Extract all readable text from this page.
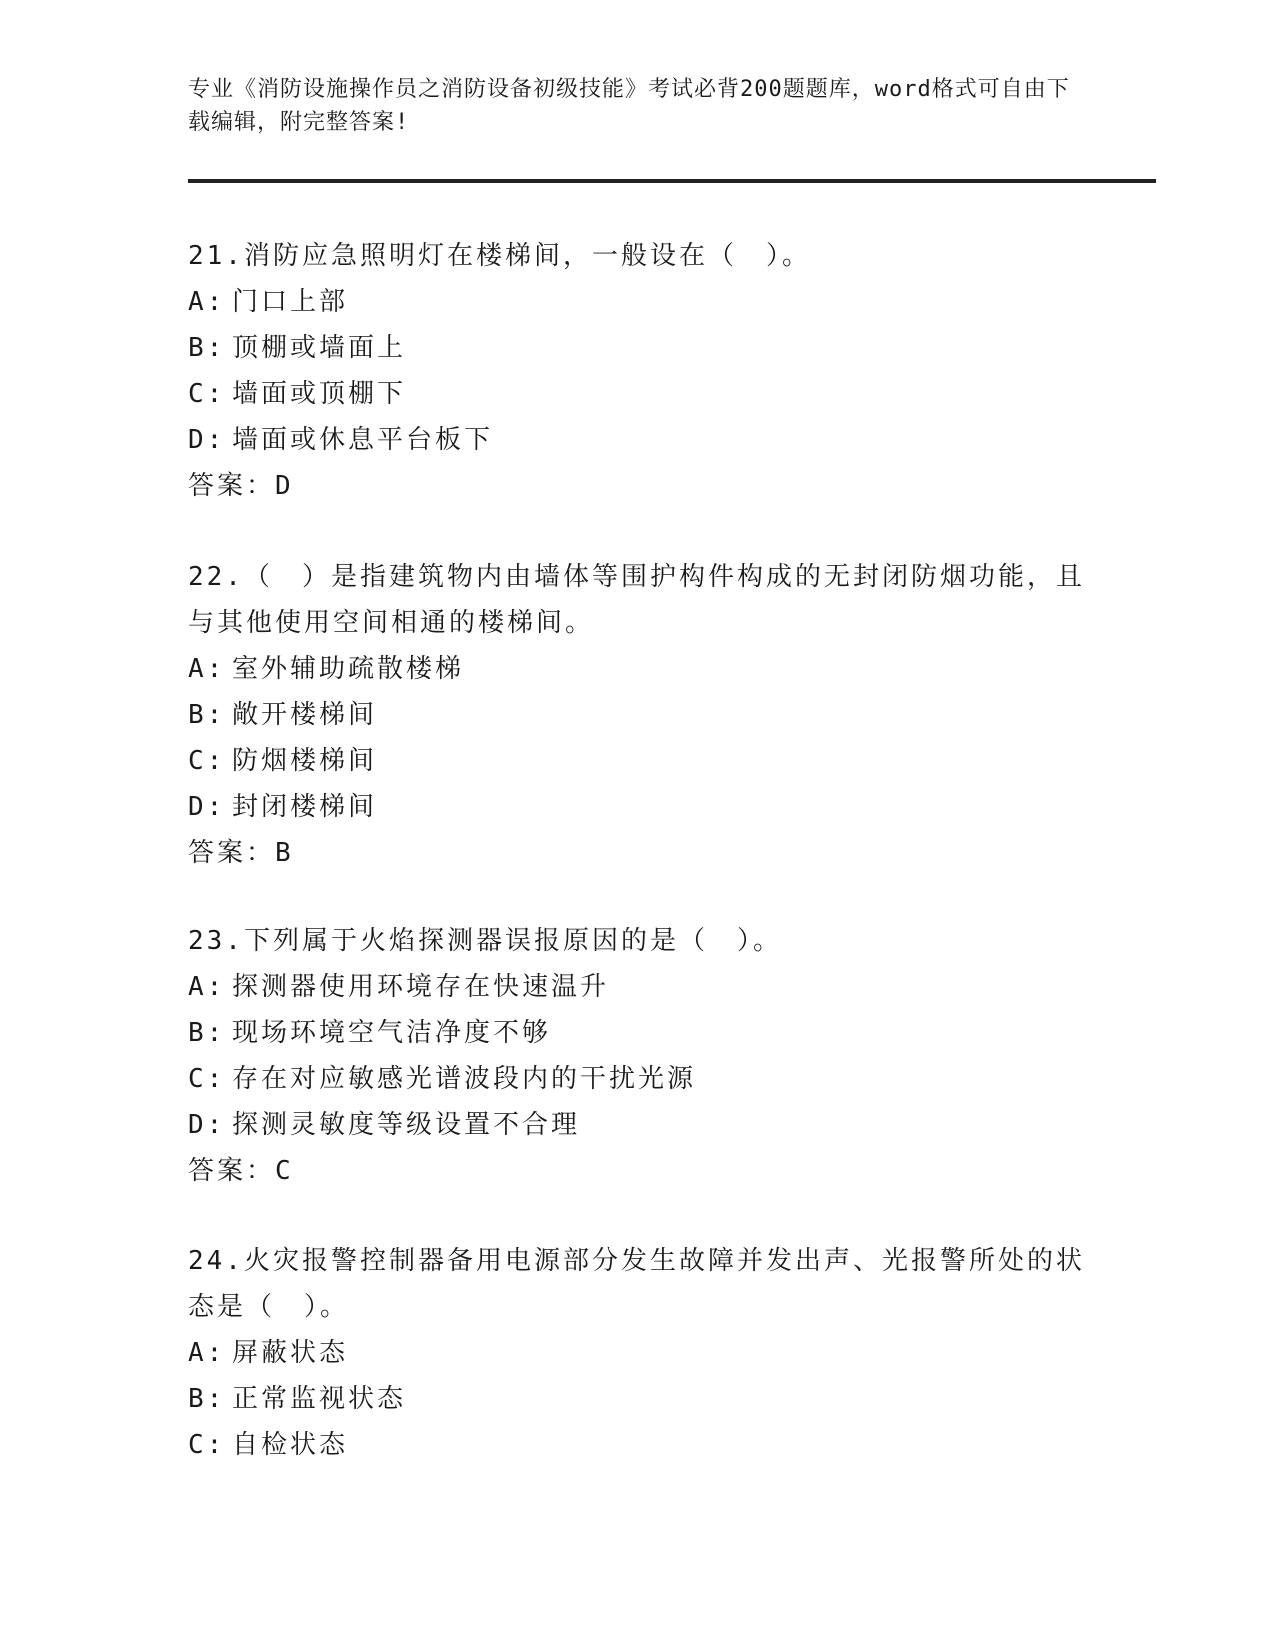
专业《消防设施操作员之消防设备初级技能》考试必背200题题库，word格式可自由下载编辑，附完整答案!

21.消防应急照明灯在楼梯间，一般设在（　）。

A: 门口上部
B: 顶棚或墙面上
C: 墙面或顶棚下
D: 墙面或休息平台板下
答案：D

22.（　）是指建筑物内由墙体等围护构件构成的无封闭防烟功能，且与其他使用空间相通的楼梯间。

A: 室外辅助疏散楼梯
B: 敞开楼梯间
C: 防烟楼梯间
D: 封闭楼梯间
答案：B

23.下列属于火焰探测器误报原因的是（　）。

A: 探测器使用环境存在快速温升
B: 现场环境空气洁净度不够
C: 存在对应敏感光谱波段内的干扰光源
D: 探测灵敏度等级设置不合理
答案：C

24.火灾报警控制器备用电源部分发生故障并发出声、光报警所处的状态是（　）。

A: 屏蔽状态
B: 正常监视状态
C: 自检状态
